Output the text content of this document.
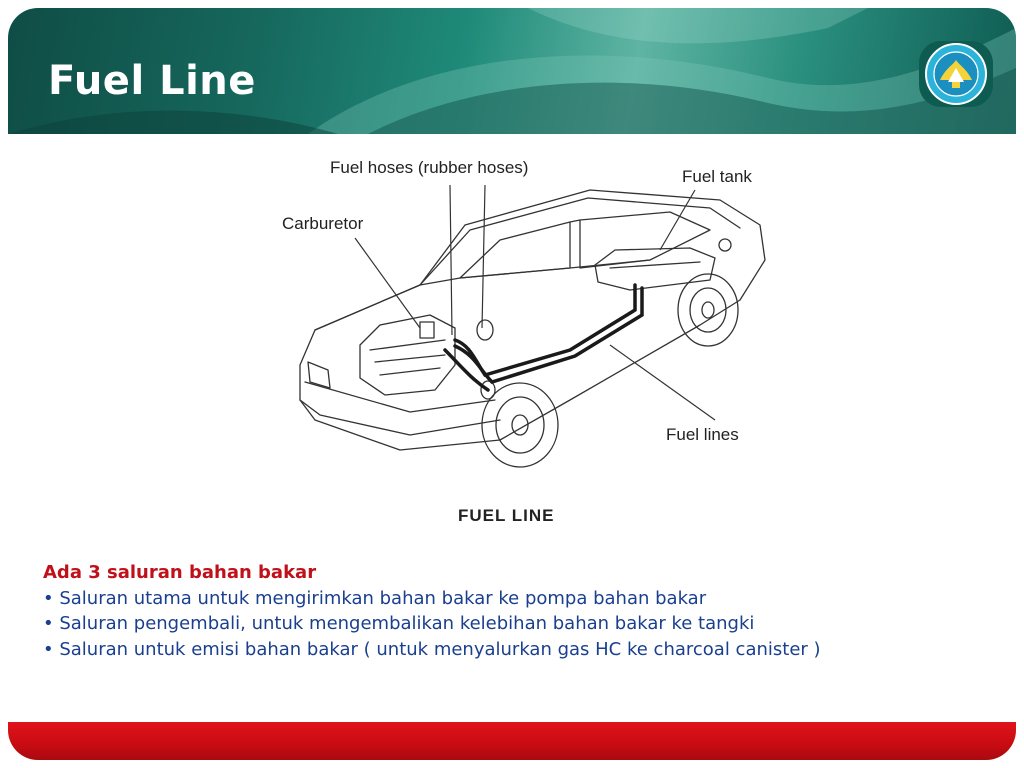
Fuel Line
Fuel hoses (rubber hoses)	Fuel tank
Carburetor
Fuel lines
FUEL LINE
Ada 3 saluran bahan bakar
• Saluran utama untuk mengirimkan bahan bakar ke pompa bahan bakar
• Saluran pengembali, untuk mengembalikan kelebihan bahan bakar ke tangki
• Saluran untuk emisi bahan bakar ( untuk menyalurkan gas HC ke charcoal canister )
